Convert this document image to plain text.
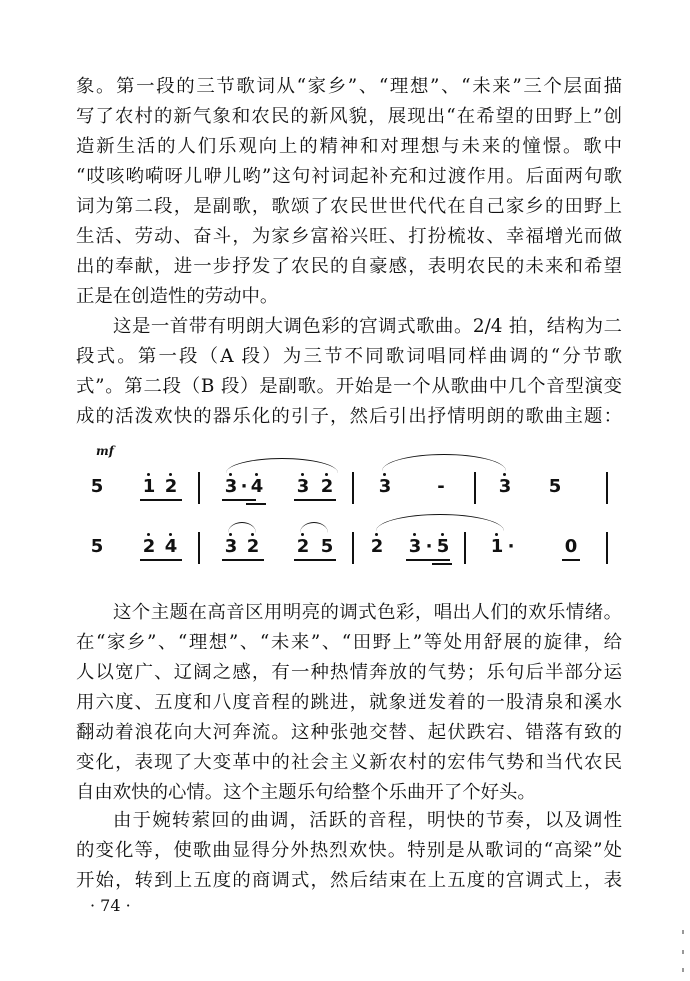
象。第一段的三节歌词从“家乡”、“理想”、“未来”三个层面描
写了农村的新气象和农民的新风貌，展现出“在希望的田野上”创
造新生活的人们乐观向上的精神和对理想与未来的憧憬。歌中
“哎咳哟嗬呀儿咿儿哟”这句衬词起补充和过渡作用。后面两句歌
词为第二段，是副歌，歌颂了农民世世代代在自己家乡的田野上
生活、劳动、奋斗，为家乡富裕兴旺、打扮梳妆、幸福增光而做
出的奉献，进一步抒发了农民的自豪感，表明农民的未来和希望
正是在创造性的劳动中。
这是一首带有明朗大调色彩的宫调式歌曲。2/4 拍，结构为二
段式。第一段（A 段）为三节不同歌词唱同样曲调的“分节歌
式”。第二段（B 段）是副歌。开始是一个从歌曲中几个音型演变
成的活泼欢快的器乐化的引子，然后引出抒情明朗的歌曲主题：
mf
5 1 2	3 · 4 3 2	3	-	3 5
5 2 4	3 2 2 5 2 3 · 5 1 ·	0
这个主题在高音区用明亮的调式色彩，唱出人们的欢乐情绪。
在“家乡”、“理想”、“未来”、“田野上”等处用舒展的旋律，给
人以宽广、辽阔之感，有一种热情奔放的气势；乐句后半部分运
用六度、五度和八度音程的跳进，就象迸发着的一股清泉和溪水
翻动着浪花向大河奔流。这种张弛交替、起伏跌宕、错落有致的
变化，表现了大变革中的社会主义新农村的宏伟气势和当代农民
自由欢快的心情。这个主题乐句给整个乐曲开了个好头。
由于婉转萦回的曲调，活跃的音程，明快的节奏，以及调性
的变化等，使歌曲显得分外热烈欢快。特别是从歌词的“高梁”处
开始，转到上五度的商调式，然后结束在上五度的宫调式上，表
· 74 ·
